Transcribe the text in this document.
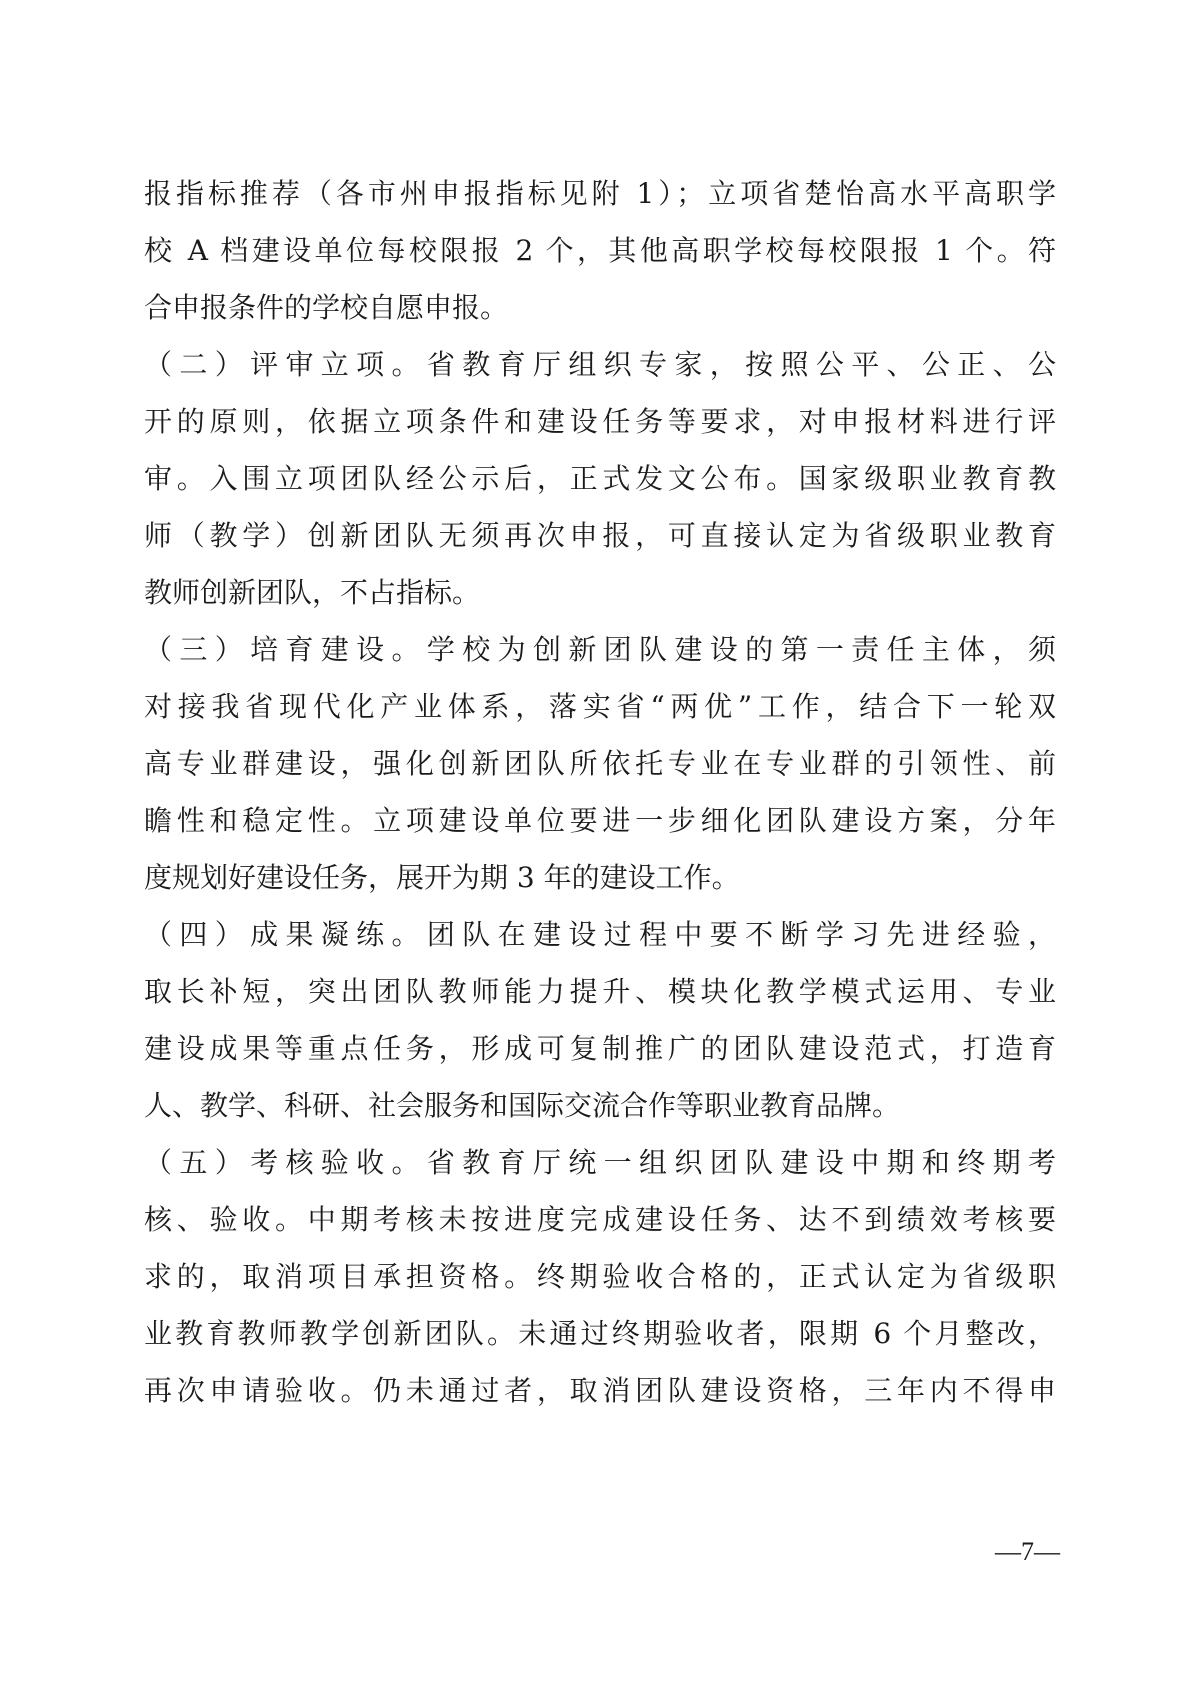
报指标推荐（各市州申报指标见附 1）；立项省楚怡高水平高职学

校 A 档建设单位每校限报 2 个，其他高职学校每校限报 1 个。符

合申报条件的学校自愿申报。

（二）评审立项。省教育厅组织专家，按照公平、公正、公

开的原则，依据立项条件和建设任务等要求，对申报材料进行评

审。入围立项团队经公示后，正式发文公布。国家级职业教育教

师（教学）创新团队无须再次申报，可直接认定为省级职业教育

教师创新团队，不占指标。

（三）培育建设。学校为创新团队建设的第一责任主体，须

对接我省现代化产业体系，落实省“两优”工作，结合下一轮双

高专业群建设，强化创新团队所依托专业在专业群的引领性、前

瞻性和稳定性。立项建设单位要进一步细化团队建设方案，分年

度规划好建设任务，展开为期 3 年的建设工作。

（四）成果凝练。团队在建设过程中要不断学习先进经验，

取长补短，突出团队教师能力提升、模块化教学模式运用、专业

建设成果等重点任务，形成可复制推广的团队建设范式，打造育

人、教学、科研、社会服务和国际交流合作等职业教育品牌。

（五）考核验收。省教育厅统一组织团队建设中期和终期考

核、验收。中期考核未按进度完成建设任务、达不到绩效考核要

求的，取消项目承担资格。终期验收合格的，正式认定为省级职

业教育教师教学创新团队。未通过终期验收者，限期 6 个月整改，

再次申请验收。仍未通过者，取消团队建设资格，三年内不得申

—7—
